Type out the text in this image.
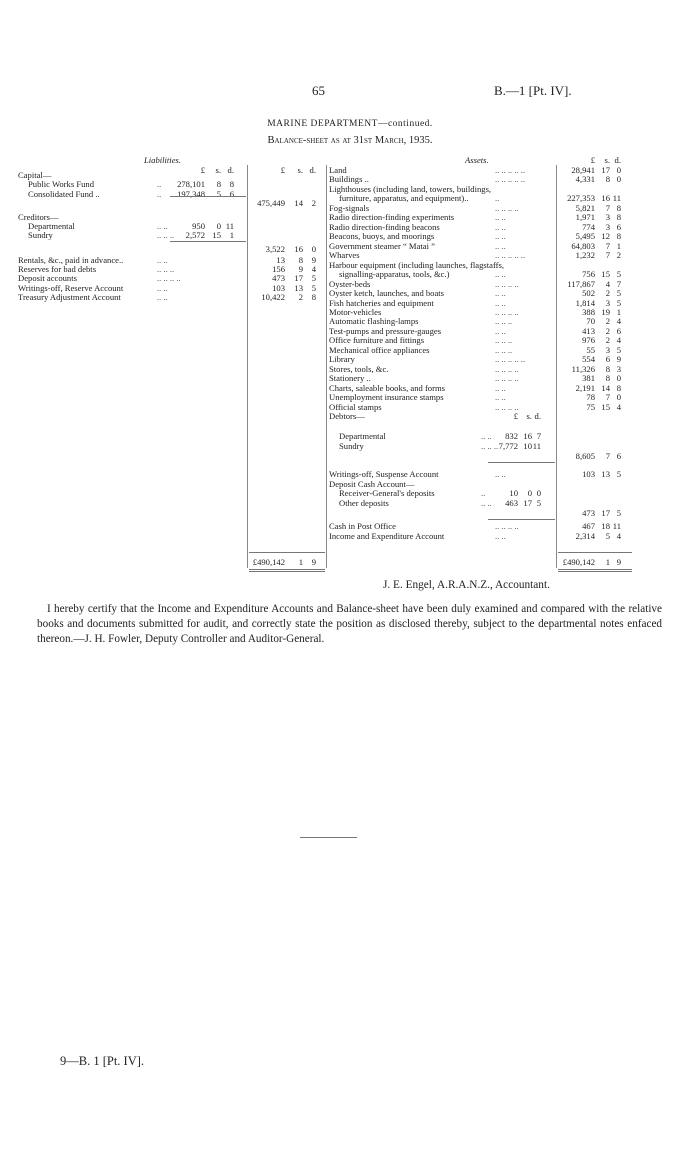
65	B.—1 [Pt. IV].
MARINE DEPARTMENT—continued.
Balance-sheet as at 31st March, 1935.
Liabilities.	Assets.
£ s. d.	£ s. d.
£ s. d.
Capital—
Public Works Fund	.. 278,101 8 8
Consolidated Fund ..	.. 197,348 5 6
475,449 14 2
Creditors—
Departmental	.. ..	950 0 11
Sundry	.. .. .. 2,572 15 1
3,522 16 0
Rentals, &c., paid in advance..	.. ..	13 8 9
Reserves for bad debts	.. .. ..	156 9 4
Deposit accounts	.. .. .. ..	473 17 5
Writings-off, Reserve Account	.. ..	103 13 5
Treasury Adjustment Account	.. ..	10,422 2 8
Land	.. .. .. .. ..	28,941 17 0
Buildings ..	.. .. .. .. ..	4,331 8 0
Lighthouses (including land, towers, buildings,
furniture, apparatus, and equipment)..	..	227,353 16 11
Fog-signals	.. .. .. ..	5,821 7 8
Radio direction-finding experiments	.. ..	1,971 3 8
Radio direction-finding beacons	.. ..	774 3 6
Beacons, buoys, and moorings	.. ..	5,495 12 8
Government steamer “ Matai ”	.. ..	64,803 7 1
Wharves	.. .. .. .. ..	1,232 7 2
Harbour equipment (including launches, flagstaffs,
signalling-apparatus, tools, &c.)	.. ..	756 15 5
Oyster-beds	.. .. .. ..	117,867 4 7
Oyster ketch, launches, and boats	.. ..	502 2 5
Fish hatcheries and equipment	.. ..	1,814 3 5
Motor-vehicles	.. .. .. ..	388 19 1
Automatic flashing-lamps	.. .. ..	70 2 4
Test-pumps and pressure-gauges	.. ..	413 2 6
Office furniture and fittings	.. .. ..	976 2 4
Mechanical office appliances	.. .. ..	55 3 5
Library	.. .. .. .. ..	554 6 9
Stores, tools, &c.	.. .. .. ..	11,326 8 3
Stationery ..	.. .. .. ..	381 8 0
Charts, saleable books, and forms	.. ..	2,191 14 8
Unemployment insurance stamps	.. ..	78 7 0
Official stamps	.. .. .. ..	75 15 4
Debtors—	£ s. d.
Departmental	.. .. 832 16 7
Sundry	.. .. .. 7,772 10 11
8,605 7 6
Writings-off, Suspense Account	.. ..	103 13 5
Deposit Cash Account—
Receiver-General's deposits	..	10 0 0
Other deposits	.. .. 463 17 5
473 17 5
Cash in Post Office	.. .. .. ..	467 18 11
Income and Expenditure Account	.. ..	2,314 5 4
£490,142 1 9	£490,142 1 9
J. E. Engel, A.R.A.N.Z., Accountant.

I hereby certify that the Income and Expenditure Accounts and Balance-sheet have been duly examined and compared with the relative books and documents submitted for audit, and correctly state the position as disclosed thereby, subject to the departmental notes enfaced thereon.—J. H. Fowler, Deputy Controller and Auditor-General.

9—B. 1 [Pt. IV].
